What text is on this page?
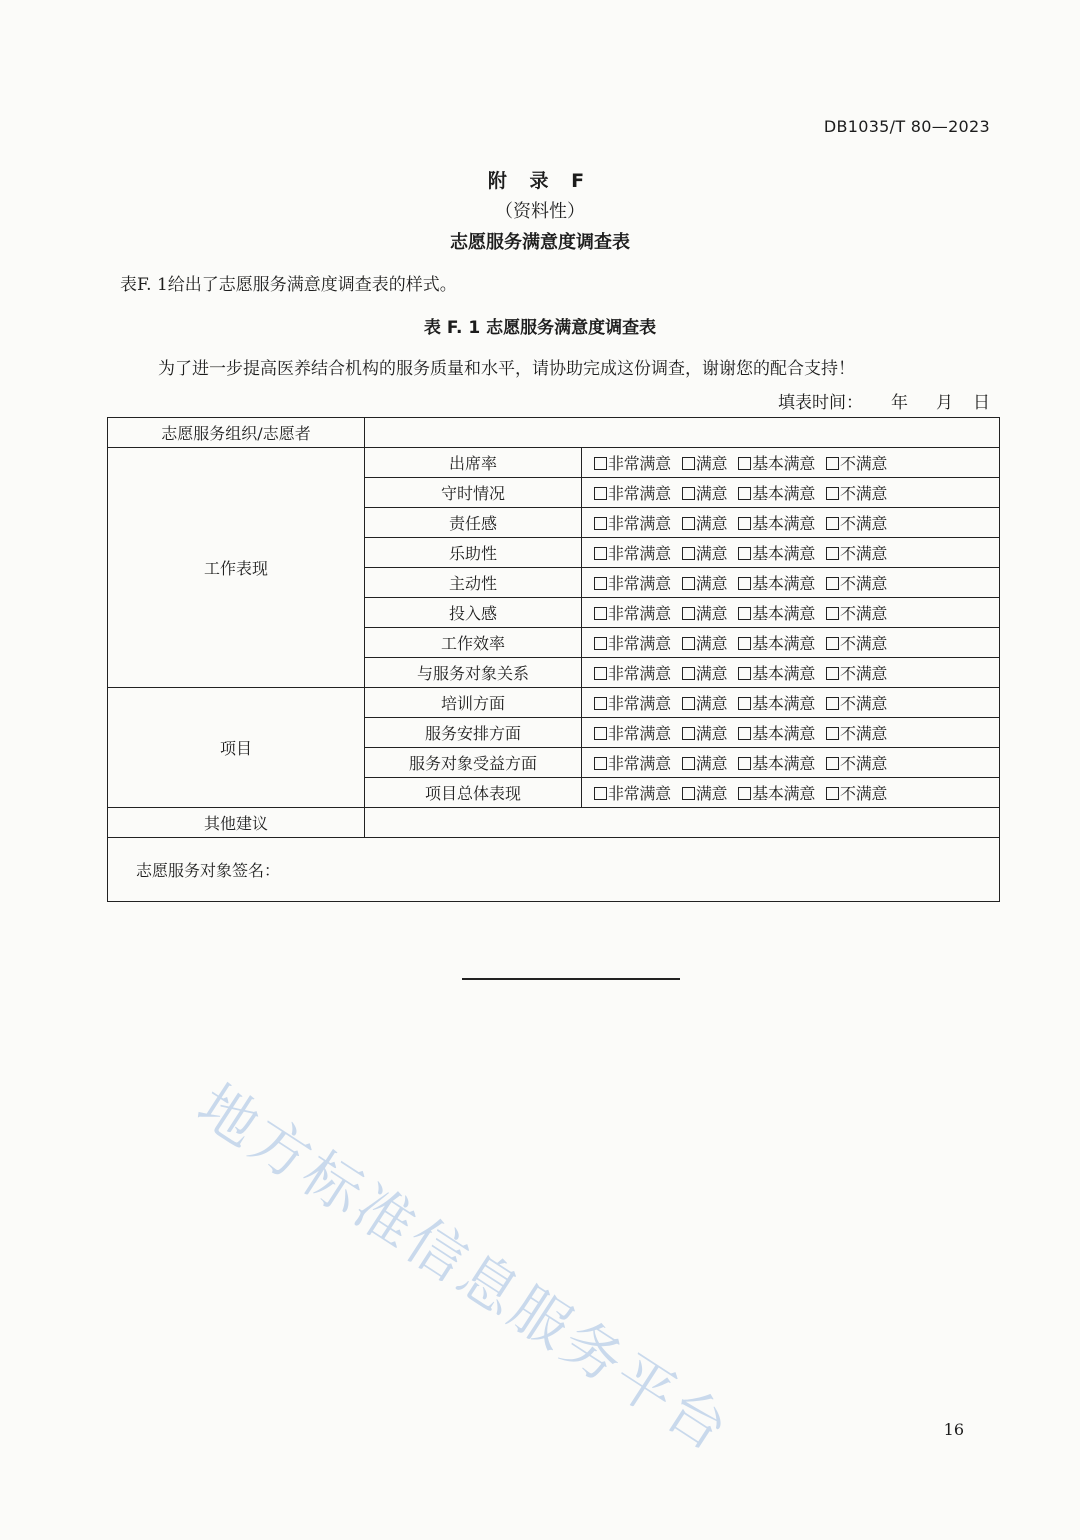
DB1035/T 80—2023
附 录 F
（资料性）
志愿服务满意度调查表
表F. 1给出了志愿服务满意度调查表的样式。
表 F. 1 志愿服务满意度调查表
为了进一步提高医养结合机构的服务质量和水平，请协助完成这份调查，谢谢您的配合支持！
填表时间： 年 月 日
志愿服务组织/志愿者		
工作表现	出席率	非常满意 满意 基本满意 不满意
	守时情况	非常满意 满意 基本满意 不满意
	责任感	非常满意 满意 基本满意 不满意
	乐助性	非常满意 满意 基本满意 不满意
	主动性	非常满意 满意 基本满意 不满意
	投入感	非常满意 满意 基本满意 不满意
	工作效率	非常满意 满意 基本满意 不满意
	与服务对象关系	非常满意 满意 基本满意 不满意
项目	培训方面	非常满意 满意 基本满意 不满意
	服务安排方面	非常满意 满意 基本满意 不满意
	服务对象受益方面	非常满意 满意 基本满意 不满意
	项目总体表现	非常满意 满意 基本满意 不满意
其他建议		
志愿服务对象签名：		
地方标准信息服务平台	16
